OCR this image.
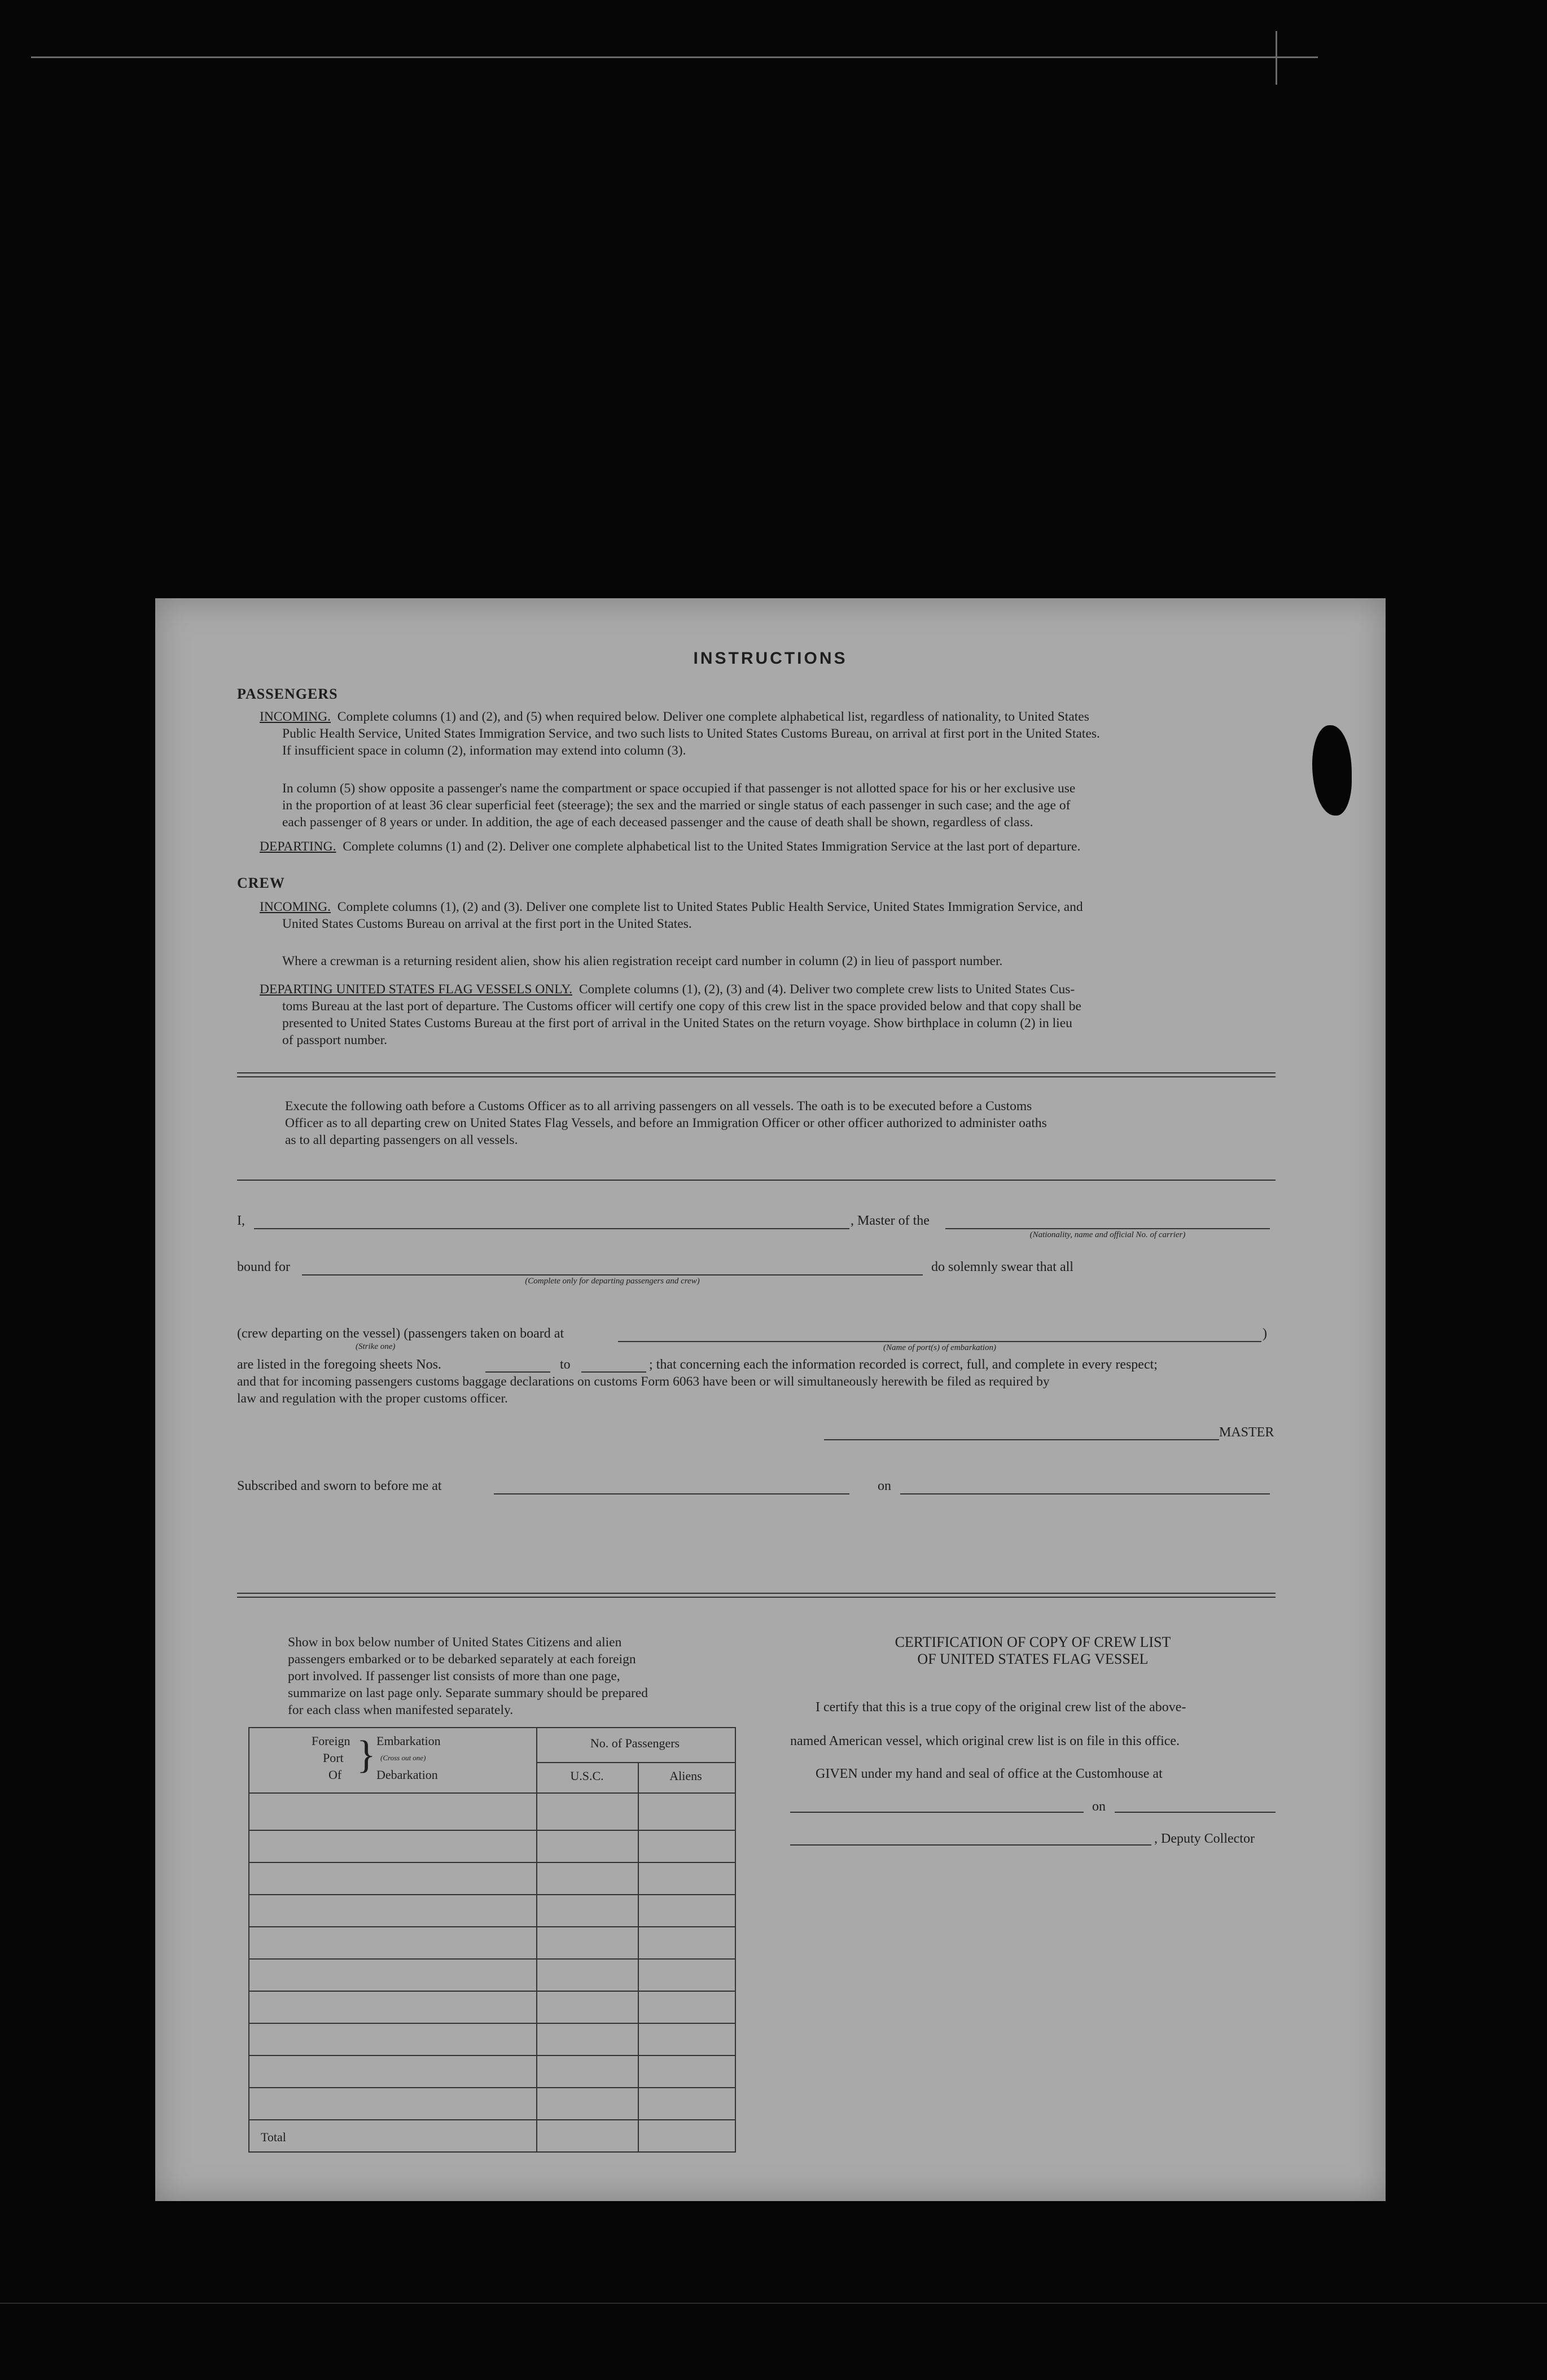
INSTRUCTIONS
PASSENGERS
INCOMING. Complete columns (1) and (2), and (5) when required below. Deliver one complete alphabetical list, regardless of nationality, to United States
Public Health Service, United States Immigration Service, and two such lists to United States Customs Bureau, on arrival at first port in the United States.
If insufficient space in column (2), information may extend into column (3).
In column (5) show opposite a passenger's name the compartment or space occupied if that passenger is not allotted space for his or her exclusive use
in the proportion of at least 36 clear superficial feet (steerage); the sex and the married or single status of each passenger in such case; and the age of
each passenger of 8 years or under. In addition, the age of each deceased passenger and the cause of death shall be shown, regardless of class.
DEPARTING. Complete columns (1) and (2). Deliver one complete alphabetical list to the United States Immigration Service at the last port of departure.
CREW
INCOMING. Complete columns (1), (2) and (3). Deliver one complete list to United States Public Health Service, United States Immigration Service, and
United States Customs Bureau on arrival at the first port in the United States.
Where a crewman is a returning resident alien, show his alien registration receipt card number in column (2) in lieu of passport number.
DEPARTING UNITED STATES FLAG VESSELS ONLY. Complete columns (1), (2), (3) and (4). Deliver two complete crew lists to United States Cus-
toms Bureau at the last port of departure. The Customs officer will certify one copy of this crew list in the space provided below and that copy shall be
presented to United States Customs Bureau at the first port of arrival in the United States on the return voyage. Show birthplace in column (2) in lieu
of passport number.
Execute the following oath before a Customs Officer as to all arriving passengers on all vessels. The oath is to be executed before a Customs
Officer as to all departing crew on United States Flag Vessels, and before an Immigration Officer or other officer authorized to administer oaths
as to all departing passengers on all vessels.
I,	, Master of the
(Nationality, name and official No. of carrier)
bound for
(Complete only for departing passengers and crew)
do solemnly swear that all
(crew departing on the vessel) (passengers taken on board at
(Strike one)	(Name of port(s) of embarkation)
)
are listed in the foregoing sheets Nos.	to	; that concerning each the information recorded is correct, full, and complete in every respect;
and that for incoming passengers customs baggage declarations on customs Form 6063 have been or will simultaneously herewith be filed as required by
law and regulation with the proper customs officer.
MASTER
Subscribed and sworn to before me at	on
Show in box below number of United States Citizens and alien
passengers embarked or to be debarked separately at each foreign
port involved. If passenger list consists of more than one page,
summarize on last page only. Separate summary should be prepared
for each class when manifested separately.
Foreign
Port
Of } Embarkation
(Cross out one)
Debarkation
No. of Passengers
U.S.C.	Aliens
Total
CERTIFICATION OF COPY OF CREW LIST
OF UNITED STATES FLAG VESSEL
I certify that this is a true copy of the original crew list of the above-
named American vessel, which original crew list is on file in this office.
GIVEN under my hand and seal of office at the Customhouse at
on
, Deputy Collector
